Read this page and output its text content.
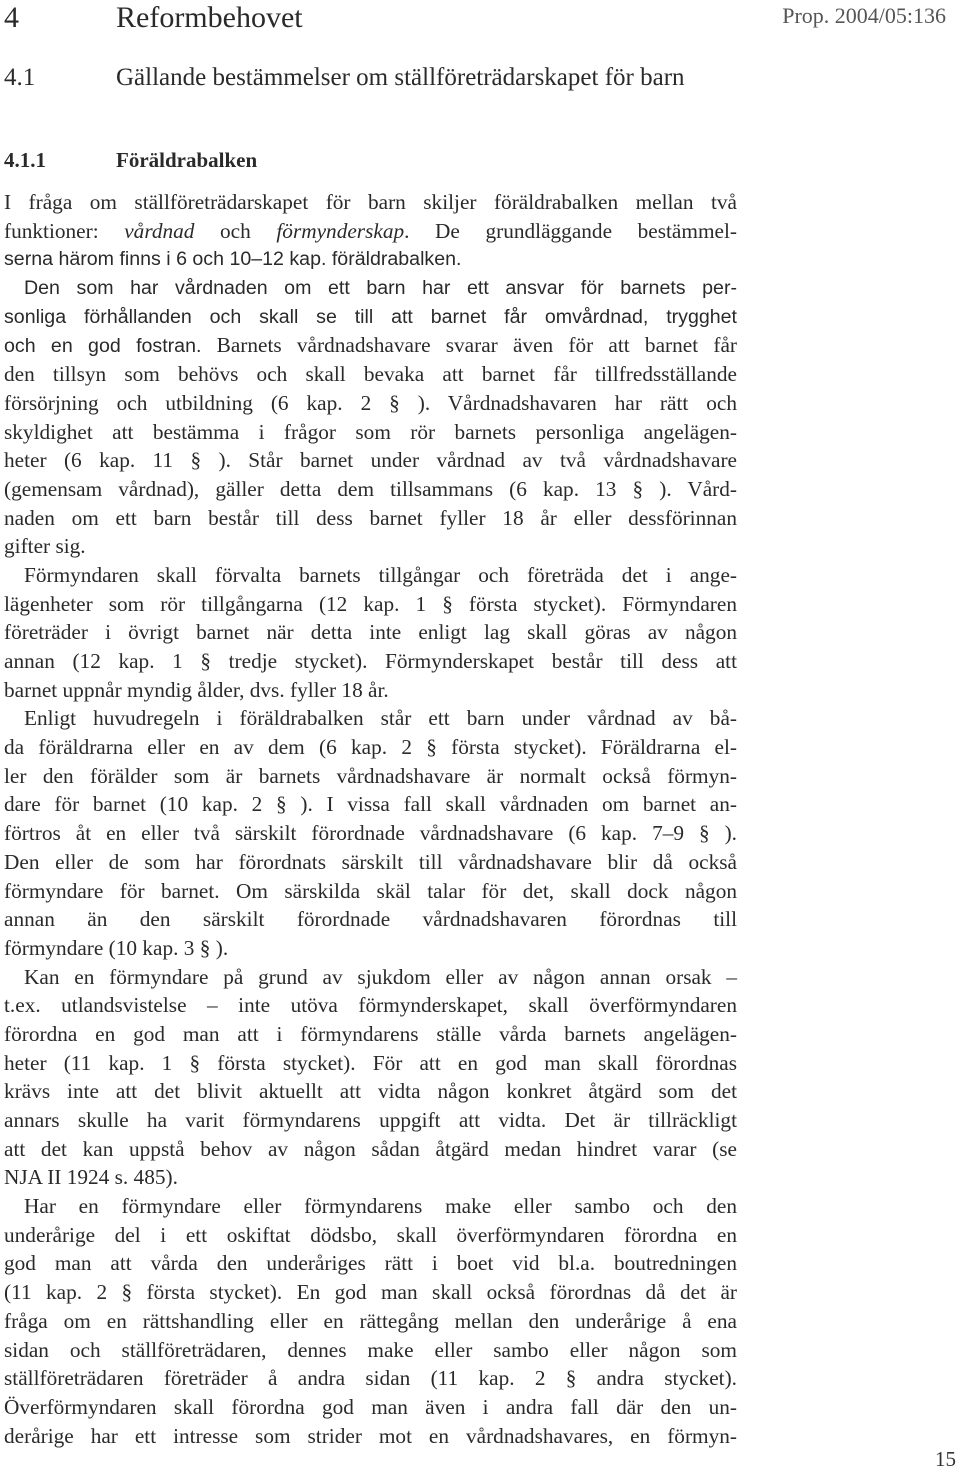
4	Reformbehovet	Prop. 2004/05:136
4.1	Gällande bestämmelser om ställföreträdarskapet för barn
4.1.1	Föräldrabalken
I fråga om ställföreträdarskapet för barn skiljer föräldrabalken mellan två
funktioner: vårdnad och förmynderskap. De grundläggande bestämmel-
serna härom finns i 6 och 10–12 kap. föräldrabalken.
Den som har vårdnaden om ett barn har ett ansvar för barnets per-
sonliga förhållanden och skall se till att barnet får omvårdnad, trygghet
och en god fostran. Barnets vårdnadshavare svarar även för att barnet får
den tillsyn som behövs och skall bevaka att barnet får tillfredsställande
försörjning och utbildning (6 kap. 2 § ). Vårdnadshavaren har rätt och
skyldighet att bestämma i frågor som rör barnets personliga angelägen-
heter (6 kap. 11 § ). Står barnet under vårdnad av två vårdnadshavare
(gemensam vårdnad), gäller detta dem tillsammans (6 kap. 13 § ). Vård-
naden om ett barn består till dess barnet fyller 18 år eller dessförinnan
gifter sig.
Förmyndaren skall förvalta barnets tillgångar och företräda det i ange-
lägenheter som rör tillgångarna (12 kap. 1 § första stycket). Förmyndaren
företräder i övrigt barnet när detta inte enligt lag skall göras av någon
annan (12 kap. 1 § tredje stycket). Förmynderskapet består till dess att
barnet uppnår myndig ålder, dvs. fyller 18 år.
Enligt huvudregeln i föräldrabalken står ett barn under vårdnad av bå-
da föräldrarna eller en av dem (6 kap. 2 § första stycket). Föräldrarna el-
ler den förälder som är barnets vårdnadshavare är normalt också förmyn-
dare för barnet (10 kap. 2 § ). I vissa fall skall vårdnaden om barnet an-
förtros åt en eller två särskilt förordnade vårdnadshavare (6 kap. 7–9 § ).
Den eller de som har förordnats särskilt till vårdnadshavare blir då också
förmyndare för barnet. Om särskilda skäl talar för det, skall dock någon
annan än den särskilt förordnade vårdnadshavaren förordnas till
förmyndare (10 kap. 3 § ).
Kan en förmyndare på grund av sjukdom eller av någon annan orsak –
t.ex. utlandsvistelse – inte utöva förmynderskapet, skall överförmyndaren
förordna en god man att i förmyndarens ställe vårda barnets angelägen-
heter (11 kap. 1 § första stycket). För att en god man skall förordnas
krävs inte att det blivit aktuellt att vidta någon konkret åtgärd som det
annars skulle ha varit förmyndarens uppgift att vidta. Det är tillräckligt
att det kan uppstå behov av någon sådan åtgärd medan hindret varar (se
NJA II 1924 s. 485).
Har en förmyndare eller förmyndarens make eller sambo och den
underårige del i ett oskiftat dödsbo, skall överförmyndaren förordna en
god man att vårda den underåriges rätt i boet vid bl.a. boutredningen
(11 kap. 2 § första stycket). En god man skall också förordnas då det är
fråga om en rättshandling eller en rättegång mellan den underårige å ena
sidan och ställföreträdaren, dennes make eller sambo eller någon som
ställföreträdaren företräder å andra sidan (11 kap. 2 § andra stycket).
Överförmyndaren skall förordna god man även i andra fall där den un-
derårige har ett intresse som strider mot en vårdnadshavares, en förmyn-
15
